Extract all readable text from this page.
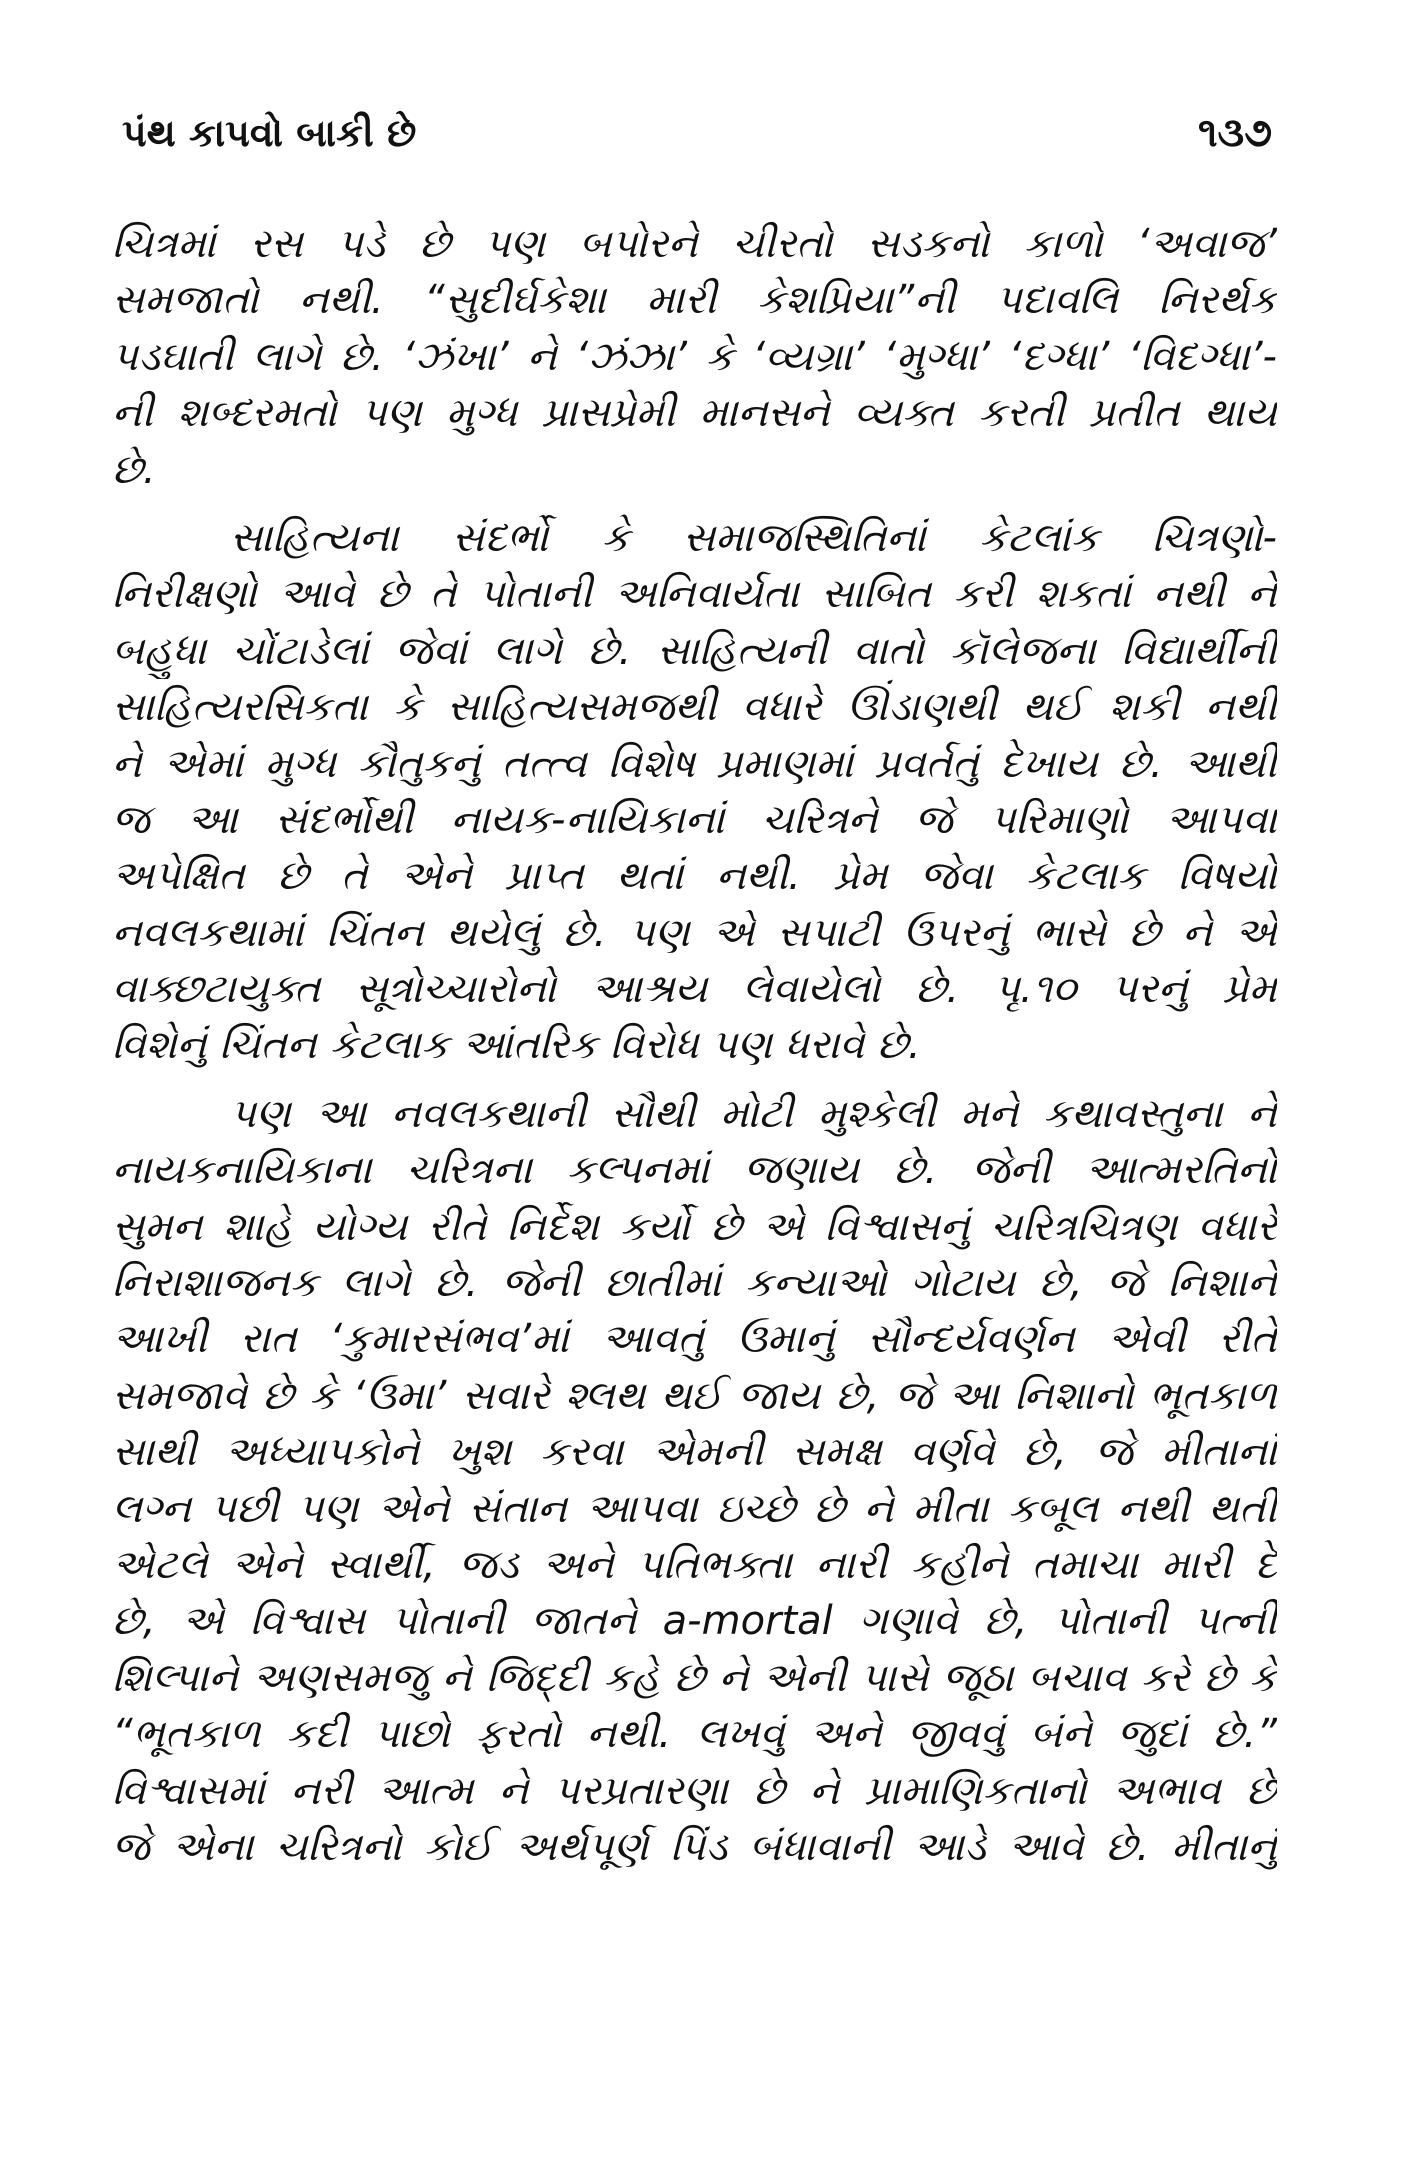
પંથ કાપવો બાકી છે	૧૩૭
ચિત્રમાં રસ પડે છે પણ બપોરને ચીરતો સડકનો કાળો ‘અવાજ’
સમજાતો નથી. “સુદીર્ઘકેશા મારી કેશપ્રિયા”ની પદાવલિ નિરર્થક
પડઘાતી લાગે છે. ‘ઝંખા’ ને ‘ઝંઝા’ કે ‘વ્યગ્રા’ ‘મુગ્ધા’ ‘દગ્ધા’ ‘વિદગ્ધા’-
ની શબ્દરમતો પણ મુગ્ધ પ્રાસપ્રેમી માનસને વ્યક્ત કરતી પ્રતીત થાય
છે.
સાહિત્યના સંદર્ભો કે સમાજસ્થિતિનાં કેટલાંક ચિત્રણો-
નિરીક્ષણો આવે છે તે પોતાની અનિવાર્યતા સાબિત કરી શકતાં નથી ને
બહુધા ચોંટાડેલાં જેવાં લાગે છે. સાહિત્યની વાતો કૉલેજના વિદ્યાર્થીની
સાહિત્યરસિકતા કે સાહિત્યસમજથી વધારે ઊંડાણથી થઈ શકી નથી
ને એમાં મુગ્ધ કૌતુકનું તત્ત્વ વિશેષ પ્રમાણમાં પ્રવર્તતું દેખાય છે. આથી
જ આ સંદર્ભોથી નાયક-નાયિકાનાં ચરિત્રને જે પરિમાણો આપવા
અપેક્ષિત છે તે એને પ્રાપ્ત થતાં નથી. પ્રેમ જેવા કેટલાક વિષયો
નવલકથામાં ચિંતન થયેલું છે. પણ એ સપાટી ઉપરનું ભાસે છે ને એ
વાક્છટાયુક્ત સૂત્રોચ્ચારોનો આશ્રય લેવાયેલો છે. પૃ.૧૦ પરનું પ્રેમ
વિશેનું ચિંતન કેટલાક આંતરિક વિરોધ પણ ધરાવે છે.
પણ આ નવલકથાની સૌથી મોટી મુશ્કેલી મને કથાવસ્તુના ને
નાયકનાયિકાના ચરિત્રના કલ્પનમાં જણાય છે. જેની આત્મરતિનો
સુમન શાહે યોગ્ય રીતે નિર્દેશ કર્યો છે એ વિશ્વાસનું ચરિત્રચિત્રણ વધારે
નિરાશાજનક લાગે છે. જેની છાતીમાં કન્યાઓ ગોટાય છે, જે નિશાને
આખી રાત ‘કુમારસંભવ’માં આવતું ઉમાનું સૌન્દર્યવર્ણન એવી રીતે
સમજાવે છે કે ‘ઉમા’ સવારે શ્લથ થઈ જાય છે, જે આ નિશાનો ભૂતકાળ
સાથી અધ્યાપકોને ખુશ કરવા એમની સમક્ષ વર્ણવે છે, જે મીતાનાં
લગ્ન પછી પણ એને સંતાન આપવા ઇચ્છે છે ને મીતા કબૂલ નથી થતી
એટલે એને સ્વાર્થી, જડ અને પતિભક્તા નારી કહીને તમાચા મારી દે
છે, એ વિશ્વાસ પોતાની જાતને a-mortal ગણાવે છે, પોતાની પત્ની
શિલ્પાને અણસમજુ ને જિદ્દી કહે છે ને એની પાસે જૂઠા બચાવ કરે છે કે
“ભૂતકાળ કદી પાછો ફરતો નથી. લખવું અને જીવવું બંને જુદાં છે.”
વિશ્વાસમાં નરી આત્મ ને પરપ્રતારણા છે ને પ્રામાણિકતાનો અભાવ છે
જે એના ચરિત્રનો કોઈ અર્થપૂર્ણ પિંડ બંધાવાની આડે આવે છે. મીતાનું
